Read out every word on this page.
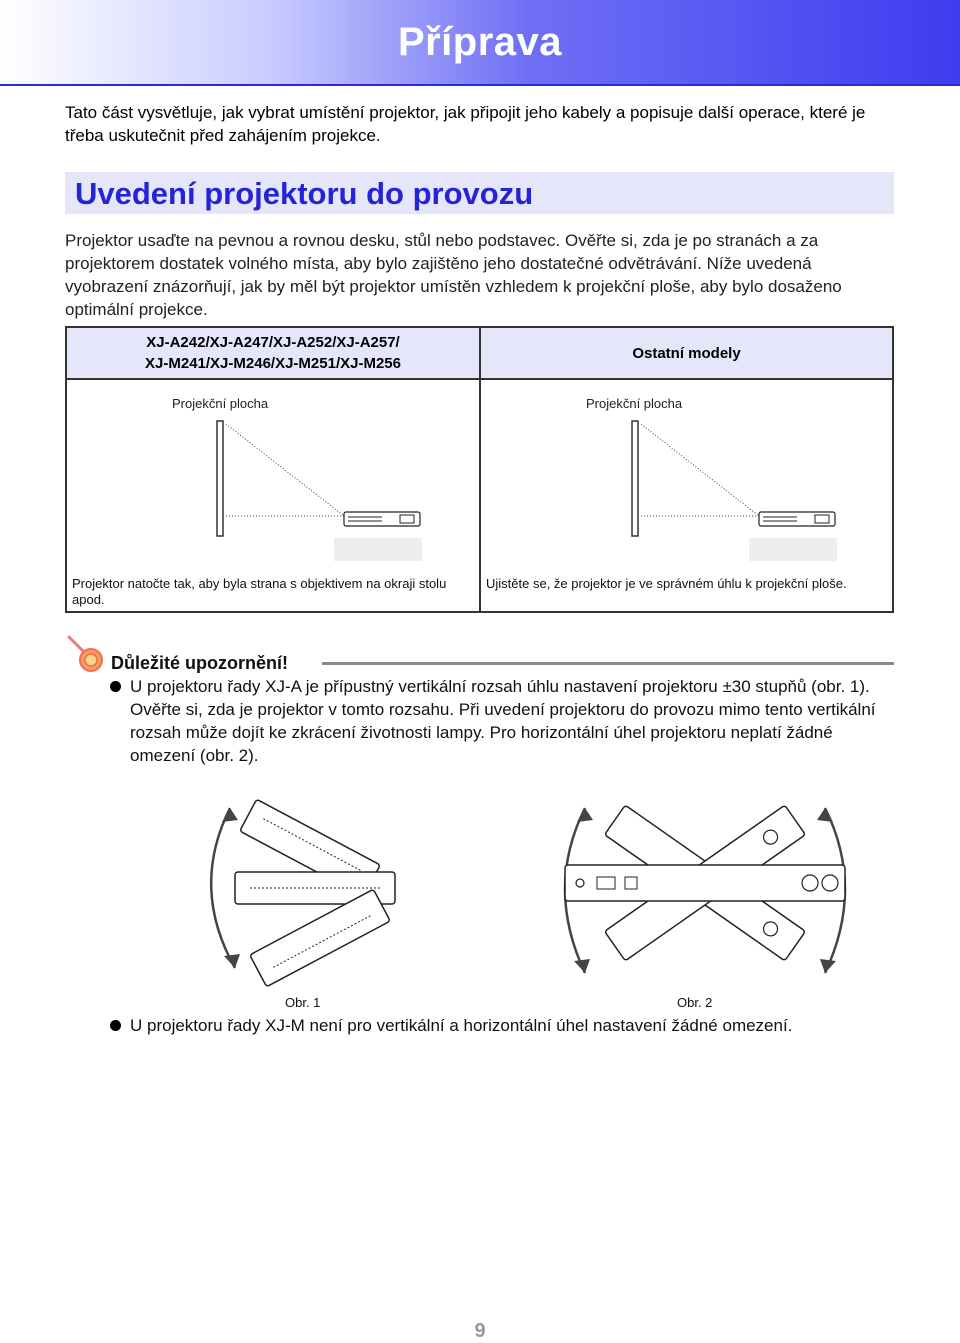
Příprava

Tato část vysvětluje, jak vybrat umístění projektor, jak připojit jeho kabely a popisuje další operace, které je třeba uskutečnit před zahájením projekce.

Uvedení projektoru do provozu

Projektor usaďte na pevnou a rovnou desku, stůl nebo podstavec. Ověřte si, zda je po stranách a za projektorem dostatek volného místa, aby bylo zajištěno jeho dostatečné odvětrávání. Níže uvedená vyobrazení znázorňují, jak by měl být projektor umístěn vzhledem k projekční ploše, aby bylo dosaženo optimální projekce.

XJ-A242/XJ-A247/XJ-A252/XJ-A257/
XJ-M241/XJ-M246/XJ-M251/XJ-M256
Ostatní modely
Projekční plocha	Projekční plocha
Projektor natočte tak, aby byla strana s objektivem na okraji stolu apod.
Ujistěte se, že projektor je ve správném úhlu k projekční ploše.
Důležité upozornění!
U projektoru řady XJ-A je přípustný vertikální rozsah úhlu nastavení projektoru ±30 stupňů (obr. 1). Ověřte si, zda je projektor v tomto rozsahu. Při uvedení projektoru do provozu mimo tento vertikální rozsah může dojít ke zkrácení životnosti lampy. Pro horizontální úhel projektoru neplatí žádné omezení (obr. 2).
Obr. 1	Obr. 2
U projektoru řady XJ-M není pro vertikální a horizontální úhel nastavení žádné omezení.
9
